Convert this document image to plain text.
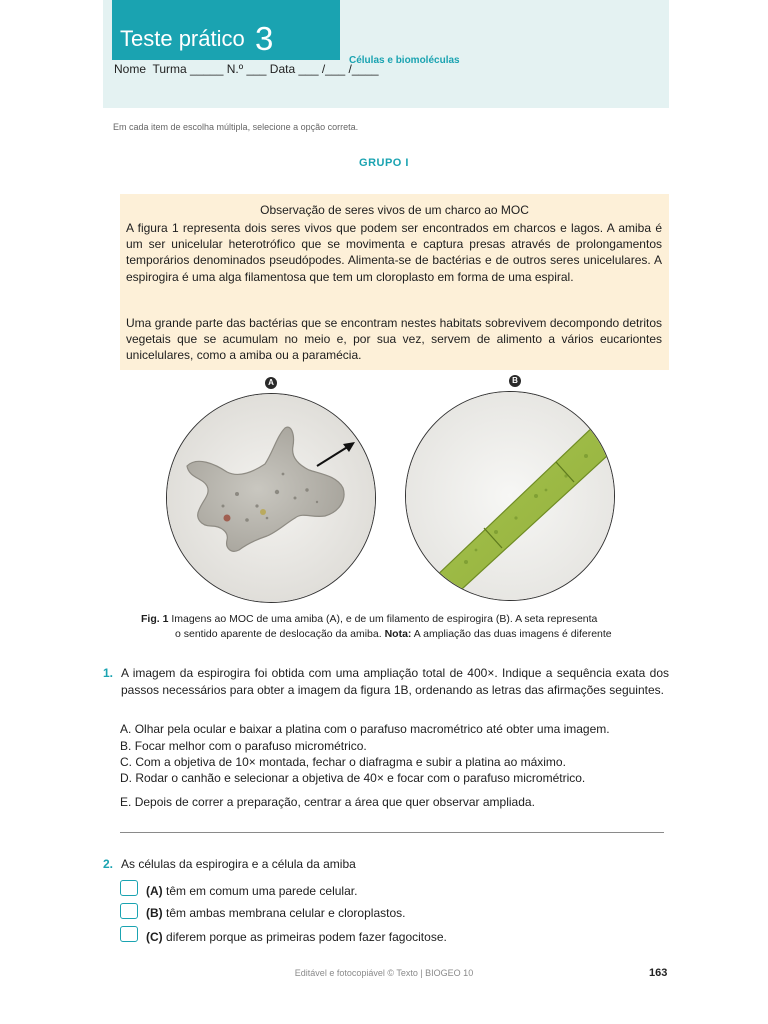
Teste prático 3
Células e biomoléculas
Nome  Turma _____ N.º ___ Data ___ /___ /____
Em cada item de escolha múltipla, selecione a opção correta.
GRUPO I
Observação de seres vivos de um charco ao MOC
A figura 1 representa dois seres vivos que podem ser encontrados em charcos e lagos. A amiba é um ser unicelular heterotrófico que se movimenta e captura presas através de prolongamentos temporários denominados pseudópodes. Alimenta-se de bactérias e de outros seres unicelulares. A espirogira é uma alga filamentosa que tem um cloroplasto em forma de uma espiral.
Uma grande parte das bactérias que se encontram nestes habitats sobrevivem decompondo detritos vegetais que se acumulam no meio e, por sua vez, servem de alimento a vários eucariontes unicelulares, como a amiba ou a paramécia.
A	B
Fig. 1 Imagens ao MOC de uma amiba (A), e de um filamento de espirogira (B). A seta representa
o sentido aparente de deslocação da amiba. Nota: A ampliação das duas imagens é diferente
1. A imagem da espirogira foi obtida com uma ampliação total de 400×. Indique a sequência exata dos passos necessários para obter a imagem da figura 1B, ordenando as letras das afirmações seguintes.
A. Olhar pela ocular e baixar a platina com o parafuso macrométrico até obter uma imagem.
B. Focar melhor com o parafuso micrométrico.
C. Com a objetiva de 10× montada, fechar o diafragma e subir a platina ao máximo.
D. Rodar o canhão e selecionar a objetiva de 40× e focar com o parafuso micrométrico.
E. Depois de correr a preparação, centrar a área que quer observar ampliada.
2. As células da espirogira e a célula da amiba
(A) têm em comum uma parede celular.
(B) têm ambas membrana celular e cloroplastos.
(C) diferem porque as primeiras podem fazer fagocitose.
Editável e fotocopiável © Texto | BIOGEO 10	163
